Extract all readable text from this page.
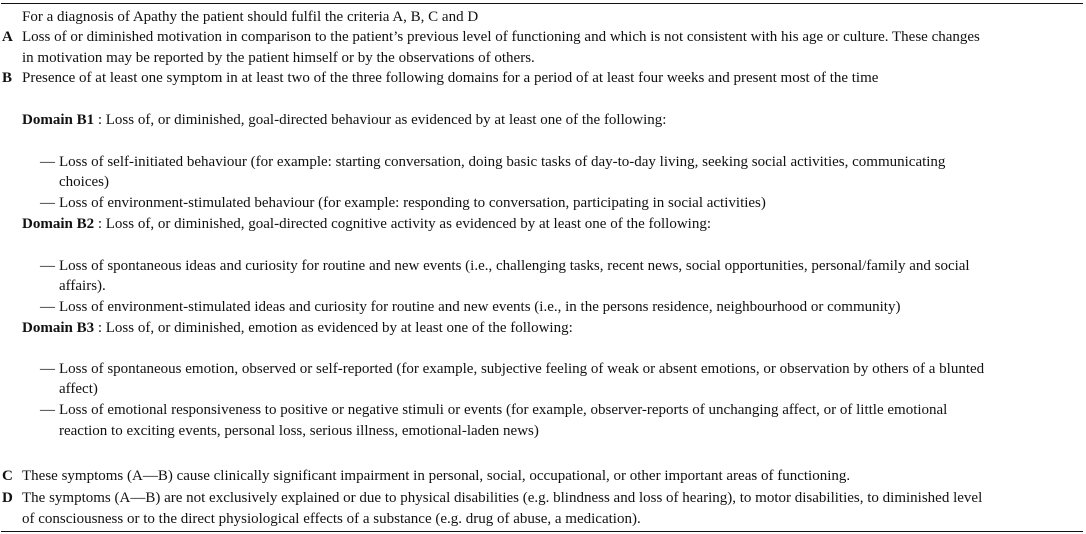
For a diagnosis of Apathy the patient should fulfil the criteria A, B, C and D
A Loss of or diminished motivation in comparison to the patient’s previous level of functioning and which is not consistent with his age or culture. These changes
in motivation may be reported by the patient himself or by the observations of others.
B Presence of at least one symptom in at least two of the three following domains for a period of at least four weeks and present most of the time
Domain B1 : Loss of, or diminished, goal-directed behaviour as evidenced by at least one of the following:
— Loss of self-initiated behaviour (for example: starting conversation, doing basic tasks of day-to-day living, seeking social activities, communicating
choices)
— Loss of environment-stimulated behaviour (for example: responding to conversation, participating in social activities)
Domain B2 : Loss of, or diminished, goal-directed cognitive activity as evidenced by at least one of the following:
— Loss of spontaneous ideas and curiosity for routine and new events (i.e., challenging tasks, recent news, social opportunities, personal/family and social
affairs).
— Loss of environment-stimulated ideas and curiosity for routine and new events (i.e., in the persons residence, neighbourhood or community)
Domain B3 : Loss of, or diminished, emotion as evidenced by at least one of the following:
— Loss of spontaneous emotion, observed or self-reported (for example, subjective feeling of weak or absent emotions, or observation by others of a blunted
affect)
— Loss of emotional responsiveness to positive or negative stimuli or events (for example, observer-reports of unchanging affect, or of little emotional
reaction to exciting events, personal loss, serious illness, emotional-laden news)
C These symptoms (A—B) cause clinically significant impairment in personal, social, occupational, or other important areas of functioning.
D The symptoms (A—B) are not exclusively explained or due to physical disabilities (e.g. blindness and loss of hearing), to motor disabilities, to diminished level
of consciousness or to the direct physiological effects of a substance (e.g. drug of abuse, a medication).
